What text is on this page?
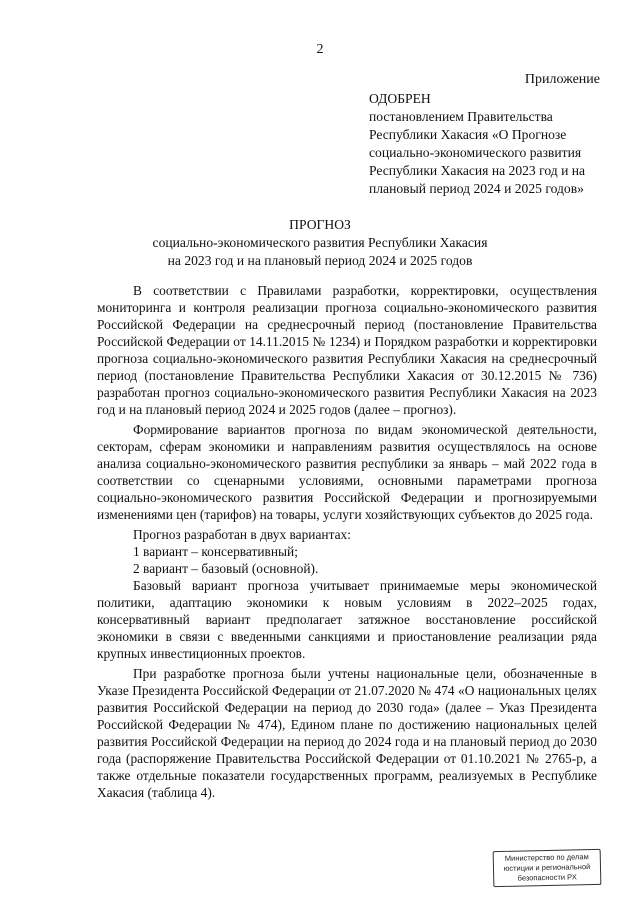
2
Приложение
ОДОБРЕН
постановлением Правительства
Республики Хакасия «О Прогнозе
социально-экономического развития
Республики Хакасия на 2023 год и на
плановый период 2024 и 2025 годов»
ПРОГНОЗ
социально-экономического развития Республики Хакасия
на 2023 год и на плановый период 2024 и 2025 годов

В соответствии с Правилами разработки, корректировки, осуществления мониторинга и контроля реализации прогноза социально-экономического развития Российской Федерации на среднесрочный период (постановление Правительства Российской Федерации от 14.11.2015 № 1234) и Порядком разработки и корректировки прогноза социально-экономического развития Республики Хакасия на среднесрочный период (постановление Правительства Республики Хакасия от 30.12.2015 № 736) разработан прогноз социально-экономического развития Республики Хакасия на 2023 год и на плановый период 2024 и 2025 годов (далее – прогноз).

Формирование вариантов прогноза по видам экономической деятельности, секторам, сферам экономики и направлениям развития осуществлялось на основе анализа социально-экономического развития республики за январь – май 2022 года в соответствии со сценарными условиями, основными параметрами прогноза социально-экономического развития Российской Федерации и прогнозируемыми изменениями цен (тарифов) на товары, услуги хозяйствующих субъектов до 2025 года.

Прогноз разработан в двух вариантах:

1 вариант – консервативный;

2 вариант – базовый (основной).

Базовый вариант прогноза учитывает принимаемые меры экономической политики, адаптацию экономики к новым условиям в 2022–2025 годах, консервативный вариант предполагает затяжное восстановление российской экономики в связи с введенными санкциями и приостановление реализации ряда крупных инвестиционных проектов.

При разработке прогноза были учтены национальные цели, обозначенные в Указе Президента Российской Федерации от 21.07.2020 № 474 «О национальных целях развития Российской Федерации на период до 2030 года» (далее – Указ Президента Российской Федерации № 474), Едином плане по достижению национальных целей развития Российской Федерации на период до 2024 года и на плановый период до 2030 года (распоряжение Правительства Российской Федерации от 01.10.2021 № 2765-р, а также отдельные показатели государственных программ, реализуемых в Республике Хакасия (таблица 4).

Министерство по делам
юстиции и региональной
безопасности РХ
